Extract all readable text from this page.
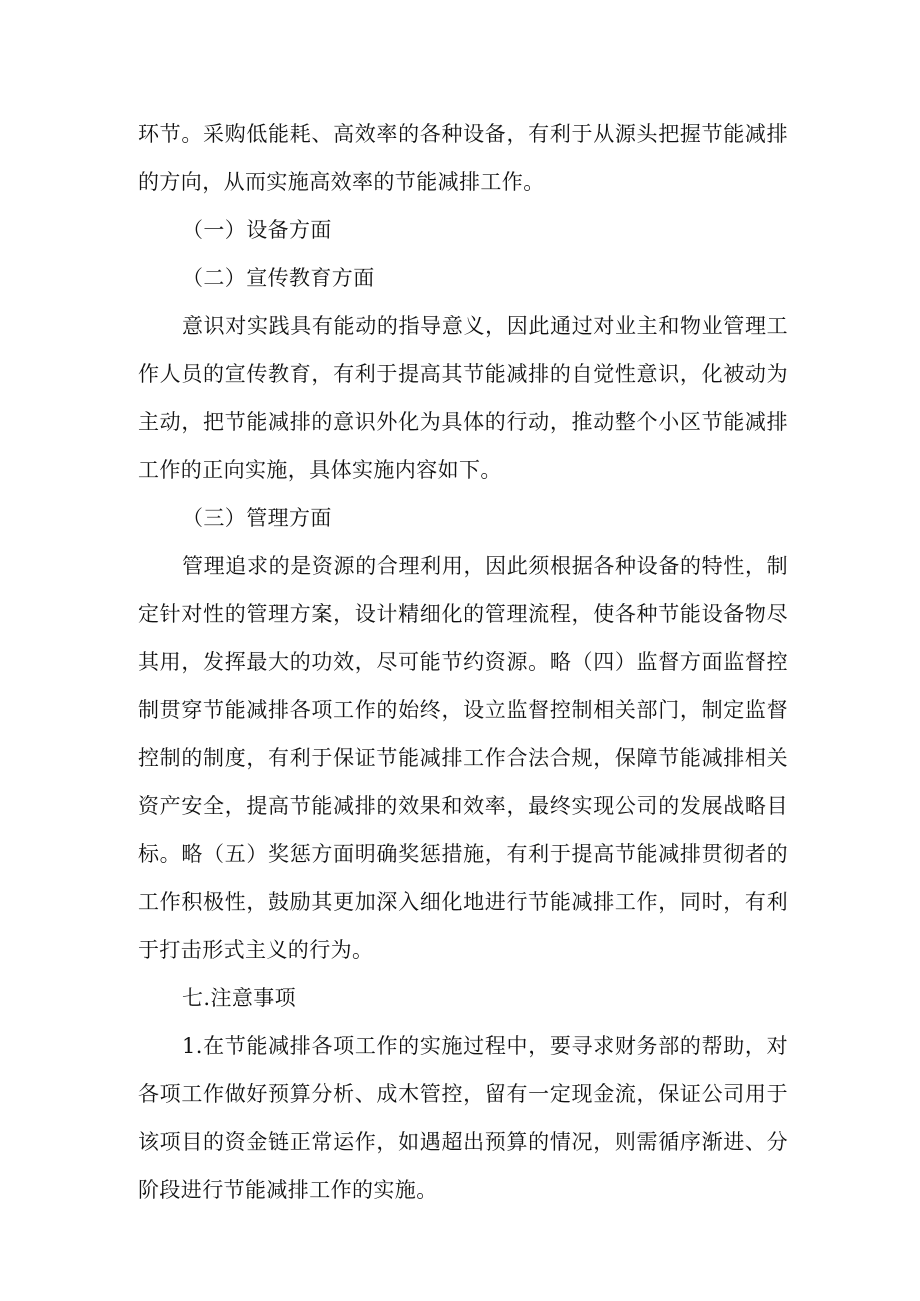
环节。采购低能耗、高效率的各种设备，有利于从源头把握节能减排的方向，从而实施高效率的节能减排工作。

（一）设备方面

（二）宣传教育方面

意识对实践具有能动的指导意义，因此通过对业主和物业管理工作人员的宣传教育，有利于提高其节能减排的自觉性意识，化被动为主动，把节能减排的意识外化为具体的行动，推动整个小区节能减排工作的正向实施，具体实施内容如下。

（三）管理方面

管理追求的是资源的合理利用，因此须根据各种设备的特性，制定针对性的管理方案，设计精细化的管理流程，使各种节能设备物尽其用，发挥最大的功效，尽可能节约资源。略（四）监督方面监督控制贯穿节能减排各项工作的始终，设立监督控制相关部门，制定监督控制的制度，有利于保证节能减排工作合法合规，保障节能减排相关资产安全，提高节能减排的效果和效率，最终实现公司的发展战略目标。略（五）奖惩方面明确奖惩措施，有利于提高节能减排贯彻者的工作积极性，鼓励其更加深入细化地进行节能减排工作，同时，有利于打击形式主义的行为。

七.注意事项

1.在节能减排各项工作的实施过程中，要寻求财务部的帮助，对各项工作做好预算分析、成木管控，留有一定现金流，保证公司用于该项目的资金链正常运作，如遇超出预算的情况，则需循序渐进、分阶段进行节能减排工作的实施。
